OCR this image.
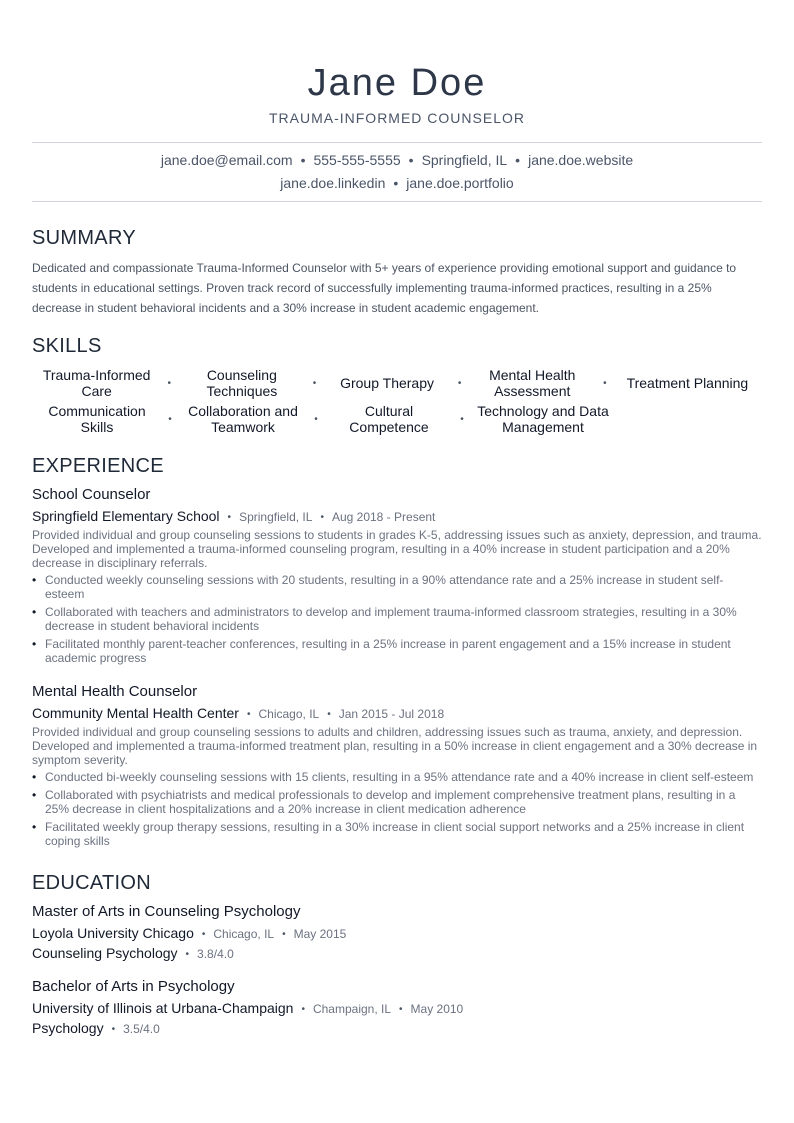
Jane Doe
TRAUMA-INFORMED COUNSELOR
jane.doe@email.com • 555-555-5555 • Springfield, IL • jane.doe.website
jane.doe.linkedin • jane.doe.portfolio
SUMMARY
Dedicated and compassionate Trauma-Informed Counselor with 5+ years of experience providing emotional support and guidance to students in educational settings. Proven track record of successfully implementing trauma-informed practices, resulting in a 25% decrease in student behavioral incidents and a 30% increase in student academic engagement.
SKILLS
Trauma-Informed Care	•	Counseling Techniques	•	Group Therapy	•	Mental Health Assessment	•	Treatment Planning
Communication Skills	•	Collaboration and Teamwork	•	Cultural Competence	• Technology and Data Management
EXPERIENCE
School Counselor
Springfield Elementary School • Springfield, IL • Aug 2018 - Present
Provided individual and group counseling sessions to students in grades K-5, addressing issues such as anxiety, depression, and trauma. Developed and implemented a trauma-informed counseling program, resulting in a 40% increase in student participation and a 20% decrease in disciplinary referrals.
• Conducted weekly counseling sessions with 20 students, resulting in a 90% attendance rate and a 25% increase in student self-esteem
• Collaborated with teachers and administrators to develop and implement trauma-informed classroom strategies, resulting in a 30% decrease in student behavioral incidents
• Facilitated monthly parent-teacher conferences, resulting in a 25% increase in parent engagement and a 15% increase in student academic progress
Mental Health Counselor
Community Mental Health Center • Chicago, IL • Jan 2015 - Jul 2018
Provided individual and group counseling sessions to adults and children, addressing issues such as trauma, anxiety, and depression. Developed and implemented a trauma-informed treatment plan, resulting in a 50% increase in client engagement and a 30% decrease in symptom severity.
• Conducted bi-weekly counseling sessions with 15 clients, resulting in a 95% attendance rate and a 40% increase in client self-esteem
• Collaborated with psychiatrists and medical professionals to develop and implement comprehensive treatment plans, resulting in a 25% decrease in client hospitalizations and a 20% increase in client medication adherence
• Facilitated weekly group therapy sessions, resulting in a 30% increase in client social support networks and a 25% increase in client coping skills
EDUCATION
Master of Arts in Counseling Psychology
Loyola University Chicago • Chicago, IL • May 2015
Counseling Psychology • 3.8/4.0
Bachelor of Arts in Psychology
University of Illinois at Urbana-Champaign • Champaign, IL • May 2010
Psychology • 3.5/4.0
